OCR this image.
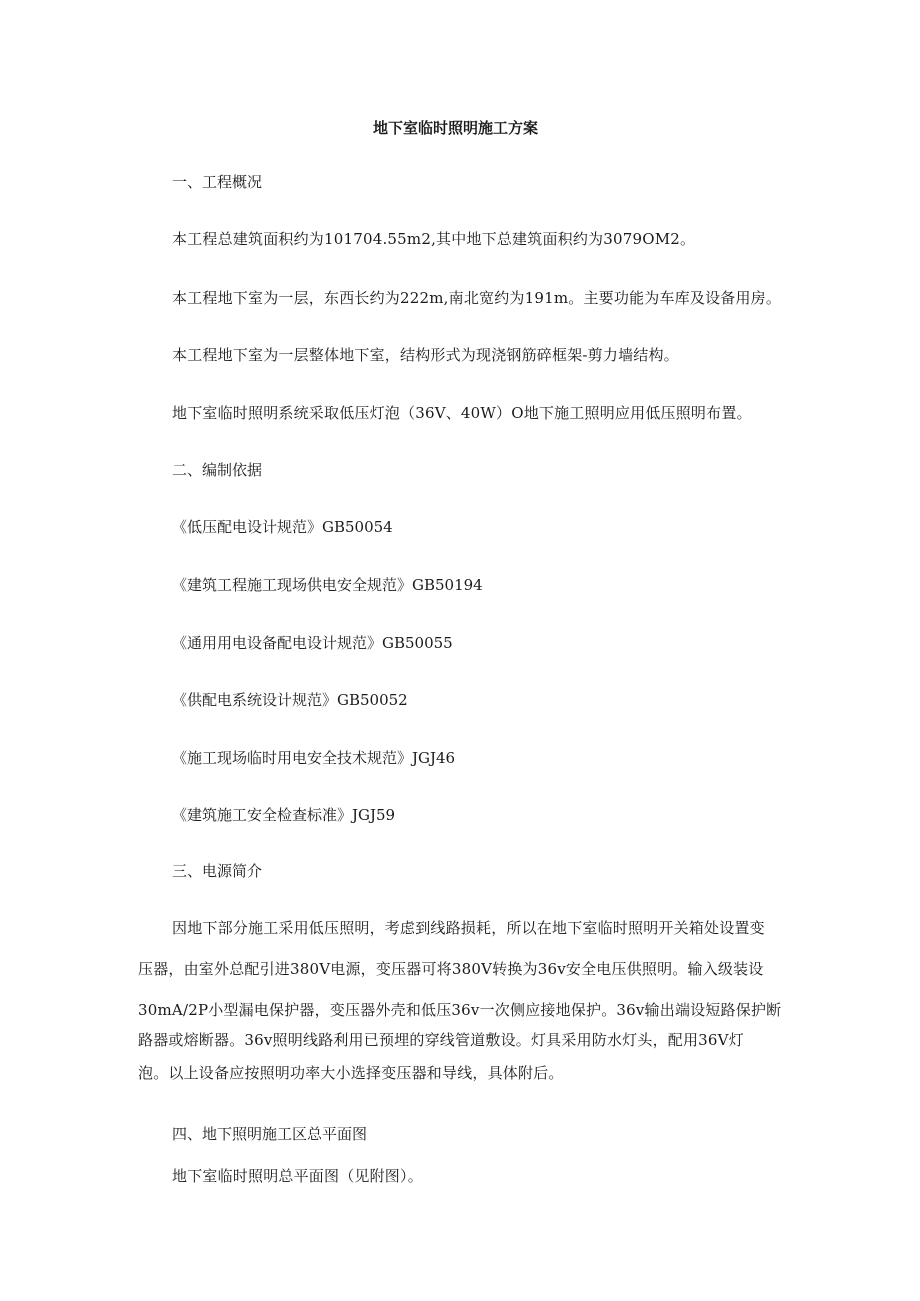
地下室临时照明施工方案

一、工程概况

本工程总建筑面积约为101704.55m2,其中地下总建筑面积约为3079OM2。

本工程地下室为一层，东西长约为222m,南北宽约为191m。主要功能为车库及设备用房。

本工程地下室为一层整体地下室，结构形式为现浇钢筋碎框架-剪力墙结构。

地下室临时照明系统采取低压灯泡（36V、40W）O地下施工照明应用低压照明布置。

二、编制依据

《低压配电设计规范》GB50054

《建筑工程施工现场供电安全规范》GB50194

《通用用电设备配电设计规范》GB50055

《供配电系统设计规范》GB50052

《施工现场临时用电安全技术规范》JGJ46

《建筑施工安全检查标准》JGJ59

三、电源简介

因地下部分施工采用低压照明，考虑到线路损耗，所以在地下室临时照明开关箱处设置变

压器，由室外总配引进380V电源，变压器可将380V转换为36v安全电压供照明。输入级装设

30mA/2P小型漏电保护器，变压器外壳和低压36v一次侧应接地保护。36v输出端设短路保护断

路器或熔断器。36v照明线路利用已预埋的穿线管道敷设。灯具采用防水灯头，配用36V灯

泡。以上设备应按照明功率大小选择变压器和导线，具体附后。

四、地下照明施工区总平面图

地下室临时照明总平面图（见附图）。
